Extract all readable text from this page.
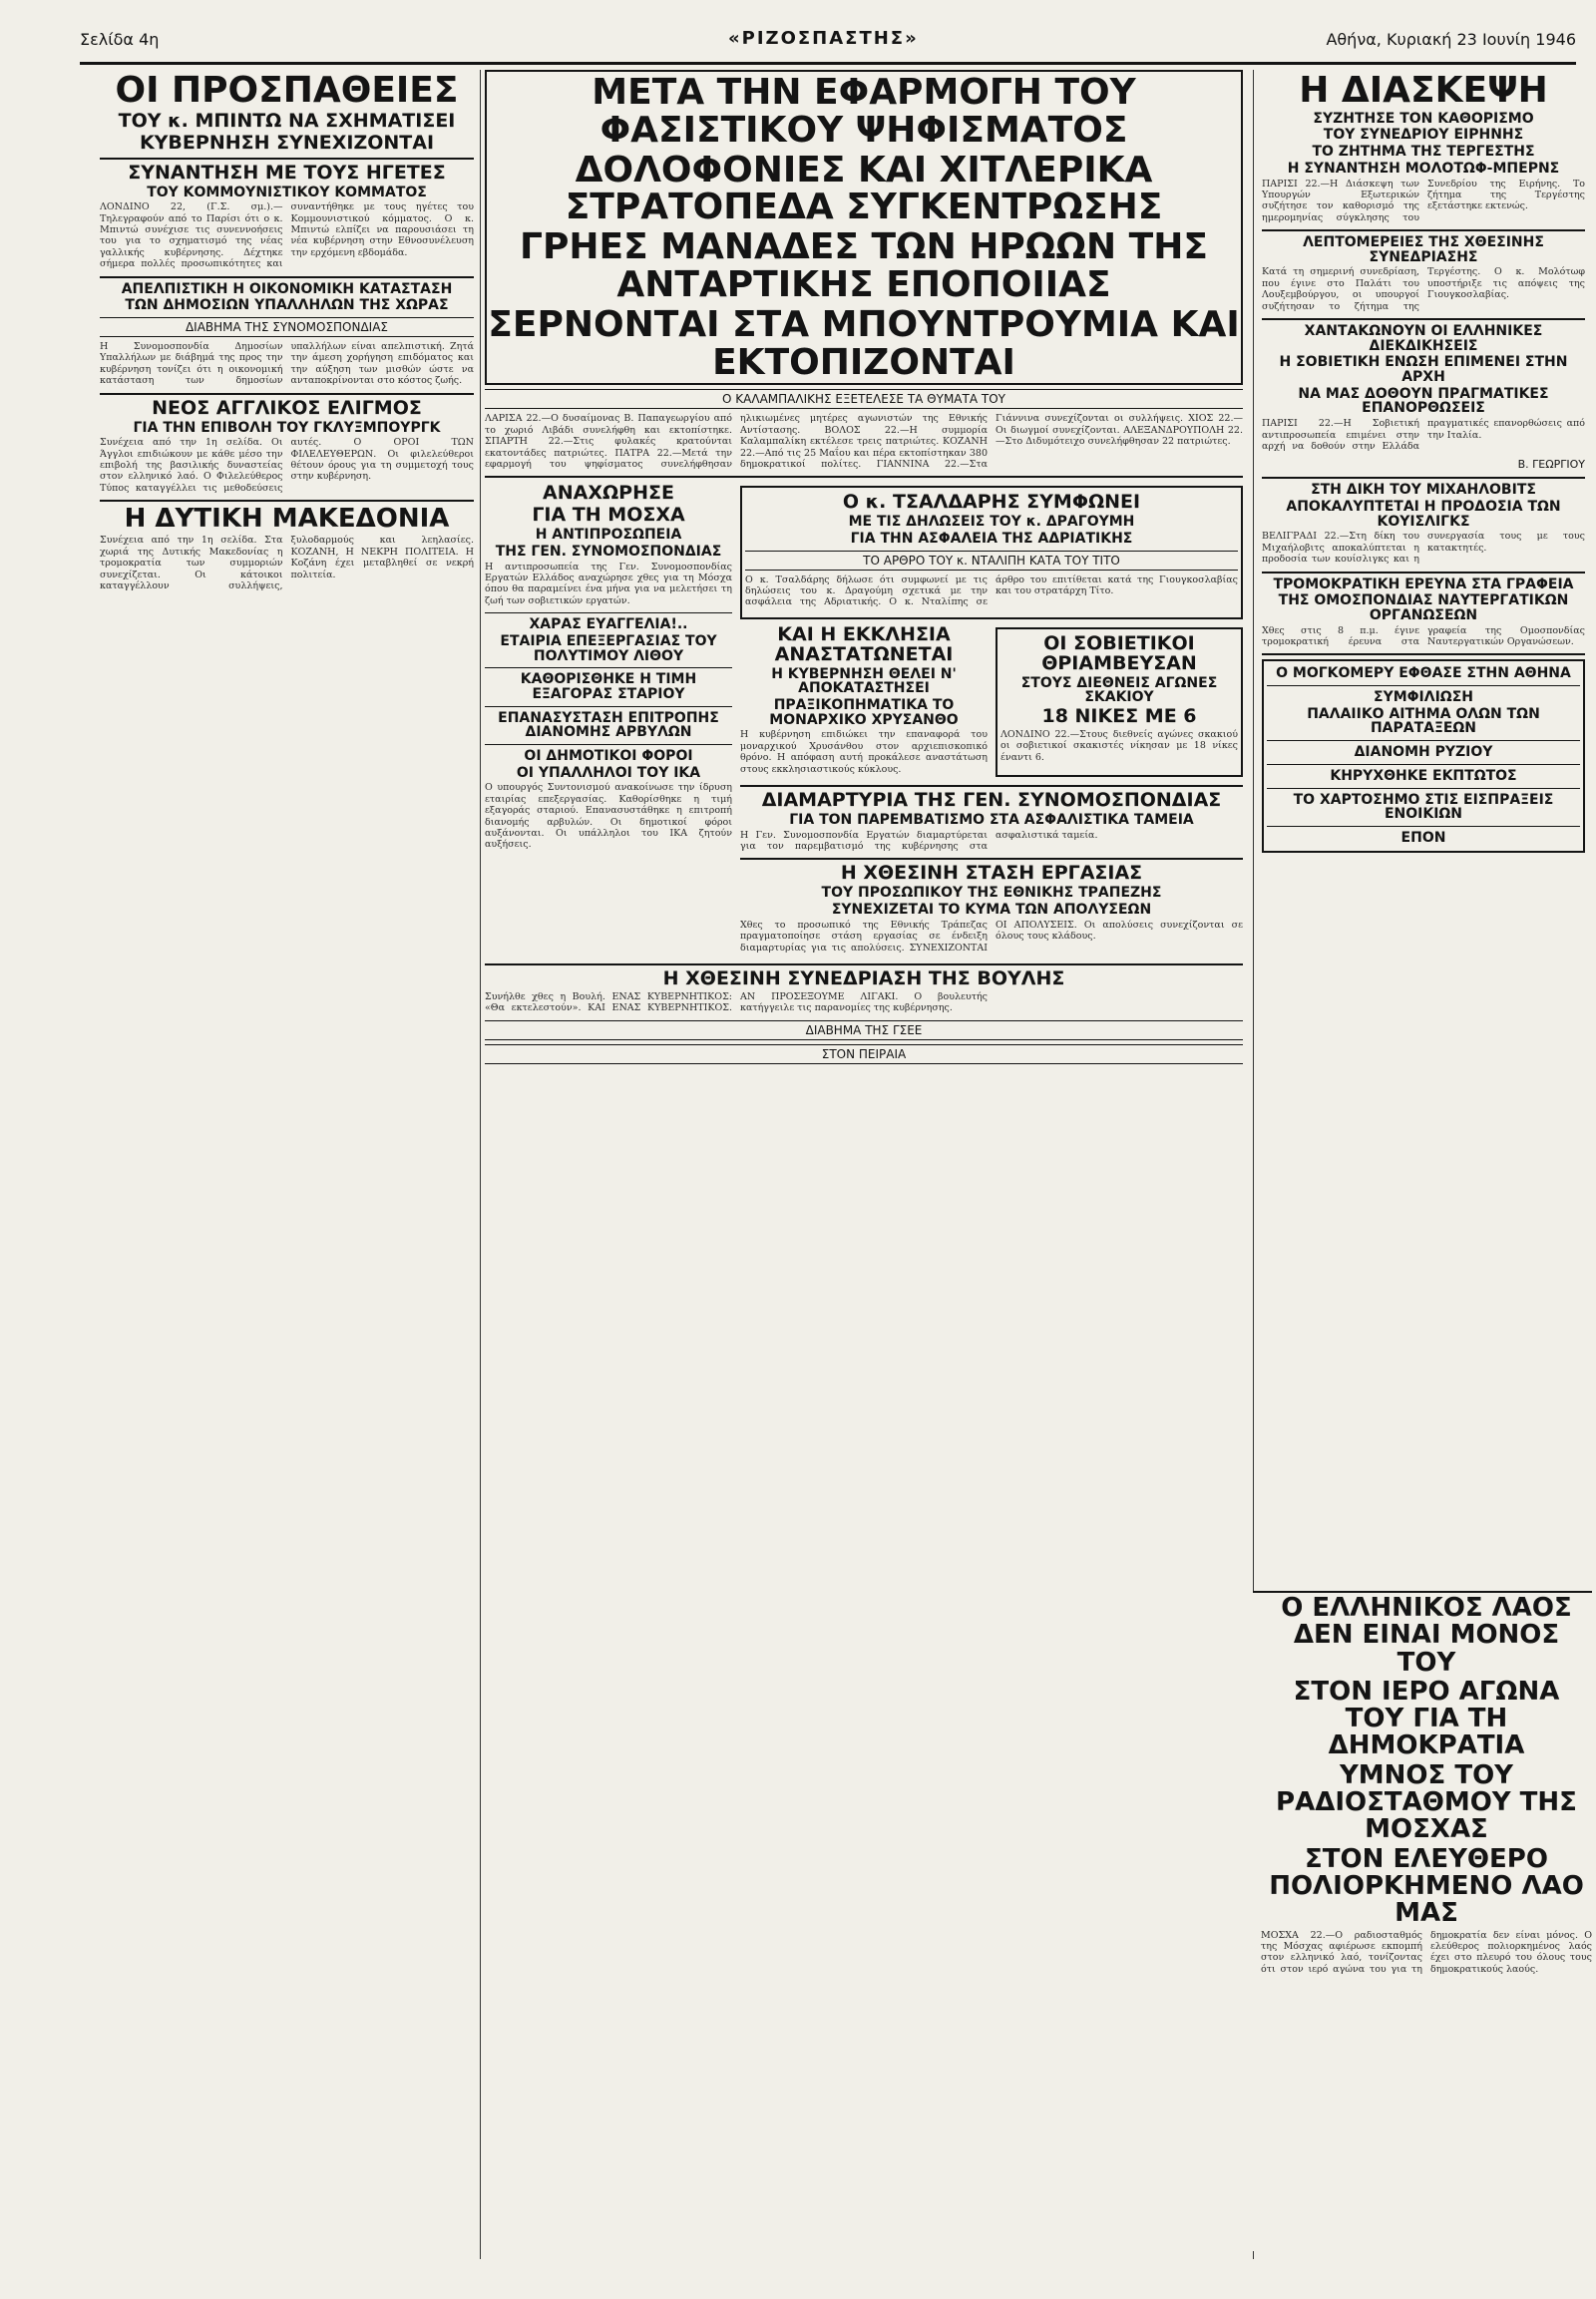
Σελίδα 4η	«ΡΙΖΟΣΠΑΣΤΗΣ»	Αθήνα, Κυριακή 23 Ιουνίη 1946
ΟΙ ΠΡΟΣΠΑΘΕΙΕΣ
ΤΟΥ κ. ΜΠΙΝΤΩ ΝΑ ΣΧΗΜΑΤΙΣΕΙ
ΚΥΒΕΡΝΗΣΗ ΣΥΝΕΧΙΖΟΝΤΑΙ
ΣΥΝΑΝΤΗΣΗ ΜΕ ΤΟΥΣ ΗΓΕΤΕΣ
ΤΟΥ ΚΟΜΜΟΥΝΙΣΤΙΚΟΥ ΚΟΜΜΑΤΟΣ
ΛΟΝΔΙΝΟ 22, (Γ.Σ. σμ.).—Τηλεγραφούν από το Παρίσι ότι ο κ. Μπιντώ συνέχισε τις συνεννοήσεις του για το σχηματισμό της νέας γαλλικής κυβέρνησης. Δέχτηκε σήμερα πολλές προσωπικότητες και συναντήθηκε με τους ηγέτες του Κομμουνιστικού κόμματος. Ο κ. Μπιντώ ελπίζει να παρουσιάσει τη νέα κυβέρνηση στην Εθνοσυνέλευση την ερχόμενη εβδομάδα.
ΑΠΕΛΠΙΣΤΙΚΗ Η ΟΙΚΟΝΟΜΙΚΗ ΚΑΤΑΣΤΑΣΗ
ΤΩΝ ΔΗΜΟΣΙΩΝ ΥΠΑΛΛΗΛΩΝ ΤΗΣ ΧΩΡΑΣ
ΔΙΑΒΗΜΑ ΤΗΣ ΣΥΝΟΜΟΣΠΟΝΔΙΑΣ
Η Συνομοσπονδία Δημοσίων Υπαλλήλων με διάβημά της προς την κυβέρνηση τονίζει ότι η οικονομική κατάσταση των δημοσίων υπαλλήλων είναι απελπιστική. Ζητά την άμεση χορήγηση επιδόματος και την αύξηση των μισθών ώστε να ανταποκρίνονται στο κόστος ζωής.
ΝΕΟΣ ΑΓΓΛΙΚΟΣ ΕΛΙΓΜΟΣ
ΓΙΑ ΤΗΝ ΕΠΙΒΟΛΗ ΤΟΥ ΓΚΛΥΞΜΠΟΥΡΓΚ
Συνέχεια από την 1η σελίδα. Οι Άγγλοι επιδιώκουν με κάθε μέσο την επιβολή της βασιλικής δυναστείας στον ελληνικό λαό. Ο Φιλελεύθερος Τύπος καταγγέλλει τις μεθοδεύσεις αυτές. Ο ΟΡΟΙ ΤΩΝ ΦΙΛΕΛΕΥΘΕΡΩΝ. Οι φιλελεύθεροι θέτουν όρους για τη συμμετοχή τους στην κυβέρνηση.
Η ΔΥΤΙΚΗ ΜΑΚΕΔΟΝΙΑ
Συνέχεια από την 1η σελίδα. Στα χωριά της Δυτικής Μακεδονίας η τρομοκρατία των συμμοριών συνεχίζεται. Οι κάτοικοι καταγγέλλουν συλλήψεις, ξυλοδαρμούς και λεηλασίες. ΚΟΖΑΝΗ, Η ΝΕΚΡΗ ΠΟΛΙΤΕΙΑ. Η Κοζάνη έχει μεταβληθεί σε νεκρή πολιτεία.
ΜΕΤΑ ΤΗΝ ΕΦΑΡΜΟΓΗ ΤΟΥ ΦΑΣΙΣΤΙΚΟΥ ΨΗΦΙΣΜΑΤΟΣ
ΔΟΛΟΦΟΝΙΕΣ ΚΑΙ ΧΙΤΛΕΡΙΚΑ ΣΤΡΑΤΟΠΕΔΑ ΣΥΓΚΕΝΤΡΩΣΗΣ
ΓΡΗΕΣ ΜΑΝΑΔΕΣ ΤΩΝ ΗΡΩΩΝ ΤΗΣ ΑΝΤΑΡΤΙΚΗΣ ΕΠΟΠΟΙΙΑΣ
ΣΕΡΝΟΝΤΑΙ ΣΤΑ ΜΠΟΥΝΤΡΟΥΜΙΑ ΚΑΙ ΕΚΤΟΠΙΖΟΝΤΑΙ
Ο ΚΑΛΑΜΠΑΛΙΚΗΣ ΕΞΕΤΕΛΕΣΕ ΤΑ ΘΥΜΑΤΑ ΤΟΥ
ΛΑΡΙΣΑ 22.—Ο δυσαίμονας Β. Παπαγεωργίου από το χωριό Λιβάδι συνελήφθη και εκτοπίστηκε. ΣΠΑΡΤΗ 22.—Στις φυλακές κρατούνται εκατοντάδες πατριώτες. ΠΑΤΡΑ 22.—Μετά την εφαρμογή του ψηφίσματος συνελήφθησαν ηλικιωμένες μητέρες αγωνιστών της Εθνικής Αντίστασης. ΒΟΛΟΣ 22.—Η συμμορία Καλαμπαλίκη εκτέλεσε τρεις πατριώτες. ΚΟΖΑΝΗ 22.—Από τις 25 Μαΐου και πέρα εκτοπίστηκαν 380 δημοκρατικοί πολίτες. ΓΙΑΝΝΙΝΑ 22.—Στα Γιάννινα συνεχίζονται οι συλλήψεις. ΧΙΟΣ 22.—Οι διωγμοί συνεχίζονται. ΑΛΕΞΑΝΔΡΟΥΠΟΛΗ 22.—Στο Διδυμότειχο συνελήφθησαν 22 πατριώτες.
ΑΝΑΧΩΡΗΣΕ
ΓΙΑ ΤΗ ΜΟΣΧΑ
Η ΑΝΤΙΠΡΟΣΩΠΕΙΑ
ΤΗΣ ΓΕΝ. ΣΥΝΟΜΟΣΠΟΝΔΙΑΣ
Η αντιπροσωπεία της Γεν. Συνομοσπονδίας Εργατών Ελλάδος αναχώρησε χθες για τη Μόσχα όπου θα παραμείνει ένα μήνα για να μελετήσει τη ζωή των σοβιετικών εργατών.
ΧΑΡΑΣ ΕΥΑΓΓΕΛΙΑ!..
ΕΤΑΙΡΙΑ ΕΠΕΞΕΡΓΑΣΙΑΣ ΤΟΥ ΠΟΛΥΤΙΜΟΥ ΛΙΘΟΥ
ΚΑΘΟΡΙΣΘΗΚΕ Η ΤΙΜΗ ΕΞΑΓΟΡΑΣ ΣΤΑΡΙΟΥ
ΕΠΑΝΑΣΥΣΤΑΣΗ ΕΠΙΤΡΟΠΗΣ ΔΙΑΝΟΜΗΣ ΑΡΒΥΛΩΝ
ΟΙ ΔΗΜΟΤΙΚΟΙ ΦΟΡΟΙ
ΟΙ ΥΠΑΛΛΗΛΟΙ ΤΟΥ ΙΚΑ
Ο υπουργός Συντονισμού ανακοίνωσε την ίδρυση εταιρίας επεξεργασίας. Καθορίσθηκε η τιμή εξαγοράς σταριού. Επανασυστάθηκε η επιτροπή διανομής αρβυλών. Οι δημοτικοί φόροι αυξάνονται. Οι υπάλληλοι του ΙΚΑ ζητούν αυξήσεις.
Ο κ. ΤΣΑΛΔΑΡΗΣ ΣΥΜΦΩΝΕΙ
ΜΕ ΤΙΣ ΔΗΛΩΣΕΙΣ ΤΟΥ κ. ΔΡΑΓΟΥΜΗ
ΓΙΑ ΤΗΝ ΑΣΦΑΛΕΙΑ ΤΗΣ ΑΔΡΙΑΤΙΚΗΣ
ΤΟ ΑΡΘΡΟ ΤΟΥ κ. ΝΤΑΛΙΠΗ ΚΑΤΑ ΤΟΥ ΤΙΤΟ
Ο κ. Τσαλδάρης δήλωσε ότι συμφωνεί με τις δηλώσεις του κ. Δραγούμη σχετικά με την ασφάλεια της Αδριατικής. Ο κ. Νταλίπης σε άρθρο του επιτίθεται κατά της Γιουγκοσλαβίας και του στρατάρχη Τίτο.
ΚΑΙ Η ΕΚΚΛΗΣΙΑ ΑΝΑΣΤΑΤΩΝΕΤΑΙ
Η ΚΥΒΕΡΝΗΣΗ ΘΕΛΕΙ Ν' ΑΠΟΚΑΤΑΣΤΗΣΕΙ
ΠΡΑΞΙΚΟΠΗΜΑΤΙΚΑ ΤΟ ΜΟΝΑΡΧΙΚΟ ΧΡΥΣΑΝΘΟ
Η κυβέρνηση επιδιώκει την επαναφορά του μοναρχικού Χρυσάνθου στον αρχιεπισκοπικό θρόνο. Η απόφαση αυτή προκάλεσε αναστάτωση στους εκκλησιαστικούς κύκλους.
ΟΙ ΣΟΒΙΕΤΙΚΟΙ ΘΡΙΑΜΒΕΥΣΑΝ
ΣΤΟΥΣ ΔΙΕΘΝΕΙΣ ΑΓΩΝΕΣ ΣΚΑΚΙΟΥ
18 ΝΙΚΕΣ ΜΕ 6
ΛΟΝΔΙΝΟ 22.—Στους διεθνείς αγώνες σκακιού οι σοβιετικοί σκακιστές νίκησαν με 18 νίκες έναντι 6.
ΔΙΑΜΑΡΤΥΡΙΑ ΤΗΣ ΓΕΝ. ΣΥΝΟΜΟΣΠΟΝΔΙΑΣ
ΓΙΑ ΤΟΝ ΠΑΡΕΜΒΑΤΙΣΜΟ ΣΤΑ ΑΣΦΑΛΙΣΤΙΚΑ ΤΑΜΕΙΑ
Η Γεν. Συνομοσπονδία Εργατών διαμαρτύρεται για τον παρεμβατισμό της κυβέρνησης στα ασφαλιστικά ταμεία.
Η ΧΘΕΣΙΝΗ ΣΤΑΣΗ ΕΡΓΑΣΙΑΣ
ΤΟΥ ΠΡΟΣΩΠΙΚΟΥ ΤΗΣ ΕΘΝΙΚΗΣ ΤΡΑΠΕΖΗΣ
ΣΥΝΕΧΙΖΕΤΑΙ ΤΟ ΚΥΜΑ ΤΩΝ ΑΠΟΛΥΣΕΩΝ
Χθες το προσωπικό της Εθνικής Τράπεζας πραγματοποίησε στάση εργασίας σε ένδειξη διαμαρτυρίας για τις απολύσεις. ΣΥΝΕΧΙΖΟΝΤΑΙ ΟΙ ΑΠΟΛΥΣΕΙΣ. Οι απολύσεις συνεχίζονται σε όλους τους κλάδους.
Η ΧΘΕΣΙΝΗ ΣΥΝΕΔΡΙΑΣΗ ΤΗΣ ΒΟΥΛΗΣ
Συνήλθε χθες η Βουλή. ΕΝΑΣ ΚΥΒΕΡΝΗΤΙΚΟΣ: «Θα εκτελεστούν». ΚΑΙ ΕΝΑΣ ΚΥΒΕΡΝΗΤΙΚΟΣ. ΑΝ ΠΡΟΣΕΞΟΥΜΕ ΛΙΓΑΚΙ. Ο βουλευτής κατήγγειλε τις παρανομίες της κυβέρνησης.
ΔΙΑΒΗΜΑ ΤΗΣ ΓΣΕΕ
ΣΤΟΝ ΠΕΙΡΑΙΑ
Η ΔΙΑΣΚΕΨΗ
ΣΥΖΗΤΗΣΕ ΤΟΝ ΚΑΘΟΡΙΣΜΟ
ΤΟΥ ΣΥΝΕΔΡΙΟΥ ΕΙΡΗΝΗΣ
ΤΟ ΖΗΤΗΜΑ ΤΗΣ ΤΕΡΓΕΣΤΗΣ
Η ΣΥΝΑΝΤΗΣΗ ΜΟΛΟΤΩΦ-ΜΠΕΡΝΣ
ΠΑΡΙΣΙ 22.—Η Διάσκεψη των Υπουργών Εξωτερικών συζήτησε τον καθορισμό της ημερομηνίας σύγκλησης του Συνεδρίου της Ειρήνης. Το ζήτημα της Τεργέστης εξετάστηκε εκτενώς.
ΛΕΠΤΟΜΕΡΕΙΕΣ ΤΗΣ ΧΘΕΣΙΝΗΣ ΣΥΝΕΔΡΙΑΣΗΣ
Κατά τη σημερινή συνεδρίαση, που έγινε στο Παλάτι του Λουξεμβούργου, οι υπουργοί συζήτησαν το ζήτημα της Τεργέστης. Ο κ. Μολότωφ υποστήριξε τις απόψεις της Γιουγκοσλαβίας.
ΧΑΝΤΑΚΩΝΟΥΝ ΟΙ ΕΛΛΗΝΙΚΕΣ ΔΙΕΚΔΙΚΗΣΕΙΣ
Η ΣΟΒΙΕΤΙΚΗ ΕΝΩΣΗ ΕΠΙΜΕΝΕΙ ΣΤΗΝ ΑΡΧΗ
ΝΑ ΜΑΣ ΔΟΘΟΥΝ ΠΡΑΓΜΑΤΙΚΕΣ ΕΠΑΝΟΡΘΩΣΕΙΣ
ΠΑΡΙΣΙ 22.—Η Σοβιετική αντιπροσωπεία επιμένει στην αρχή να δοθούν στην Ελλάδα πραγματικές επανορθώσεις από την Ιταλία.
Β. ΓΕΩΡΓΙΟΥ
ΣΤΗ ΔΙΚΗ ΤΟΥ ΜΙΧΑΗΛΟΒΙΤΣ
ΑΠΟΚΑΛΥΠΤΕΤΑΙ Η ΠΡΟΔΟΣΙΑ ΤΩΝ ΚΟΥΙΣΛΙΓΚΣ
ΒΕΛΙΓΡΑΔΙ 22.—Στη δίκη του Μιχαήλοβιτς αποκαλύπτεται η προδοσία των κουίσλιγκς και η συνεργασία τους με τους κατακτητές.
ΤΡΟΜΟΚΡΑΤΙΚΗ ΕΡΕΥΝΑ ΣΤΑ ΓΡΑΦΕΙΑ
ΤΗΣ ΟΜΟΣΠΟΝΔΙΑΣ ΝΑΥΤΕΡΓΑΤΙΚΩΝ ΟΡΓΑΝΩΣΕΩΝ
Χθες στις 8 π.μ. έγινε τρομοκρατική έρευνα στα γραφεία της Ομοσπονδίας Ναυτεργατικών Οργανώσεων.
Ο ΜΟΓΚΟΜΕΡΥ ΕΦΘΑΣΕ ΣΤΗΝ ΑΘΗΝΑ
ΣΥΜΦΙΛΙΩΣΗ
ΠΑΛΑΙΙΚΟ ΑΙΤΗΜΑ ΟΛΩΝ ΤΩΝ ΠΑΡΑΤΑΞΕΩΝ
ΔΙΑΝΟΜΗ ΡΥΖΙΟΥ
ΚΗΡΥΧΘΗΚΕ ΕΚΠΤΩΤΟΣ
ΤΟ ΧΑΡΤΟΣΗΜΟ ΣΤΙΣ ΕΙΣΠΡΑΞΕΙΣ ΕΝΟΙΚΙΩΝ
ΕΠΟΝ
Ο ΕΛΛΗΝΙΚΟΣ ΛΑΟΣ ΔΕΝ ΕΙΝΑΙ ΜΟΝΟΣ ΤΟΥ
ΣΤΟΝ ΙΕΡΟ ΑΓΩΝΑ ΤΟΥ ΓΙΑ ΤΗ ΔΗΜΟΚΡΑΤΙΑ
ΥΜΝΟΣ ΤΟΥ ΡΑΔΙΟΣΤΑΘΜΟΥ ΤΗΣ ΜΟΣΧΑΣ
ΣΤΟΝ ΕΛΕΥΘΕΡΟ ΠΟΛΙΟΡΚΗΜΕΝΟ ΛΑΟ ΜΑΣ
ΜΟΣΧΑ 22.—Ο ραδιοσταθμός της Μόσχας αφιέρωσε εκπομπή στον ελληνικό λαό, τονίζοντας ότι στον ιερό αγώνα του για τη δημοκρατία δεν είναι μόνος. Ο ελεύθερος πολιορκημένος λαός έχει στο πλευρό του όλους τους δημοκρατικούς λαούς.
